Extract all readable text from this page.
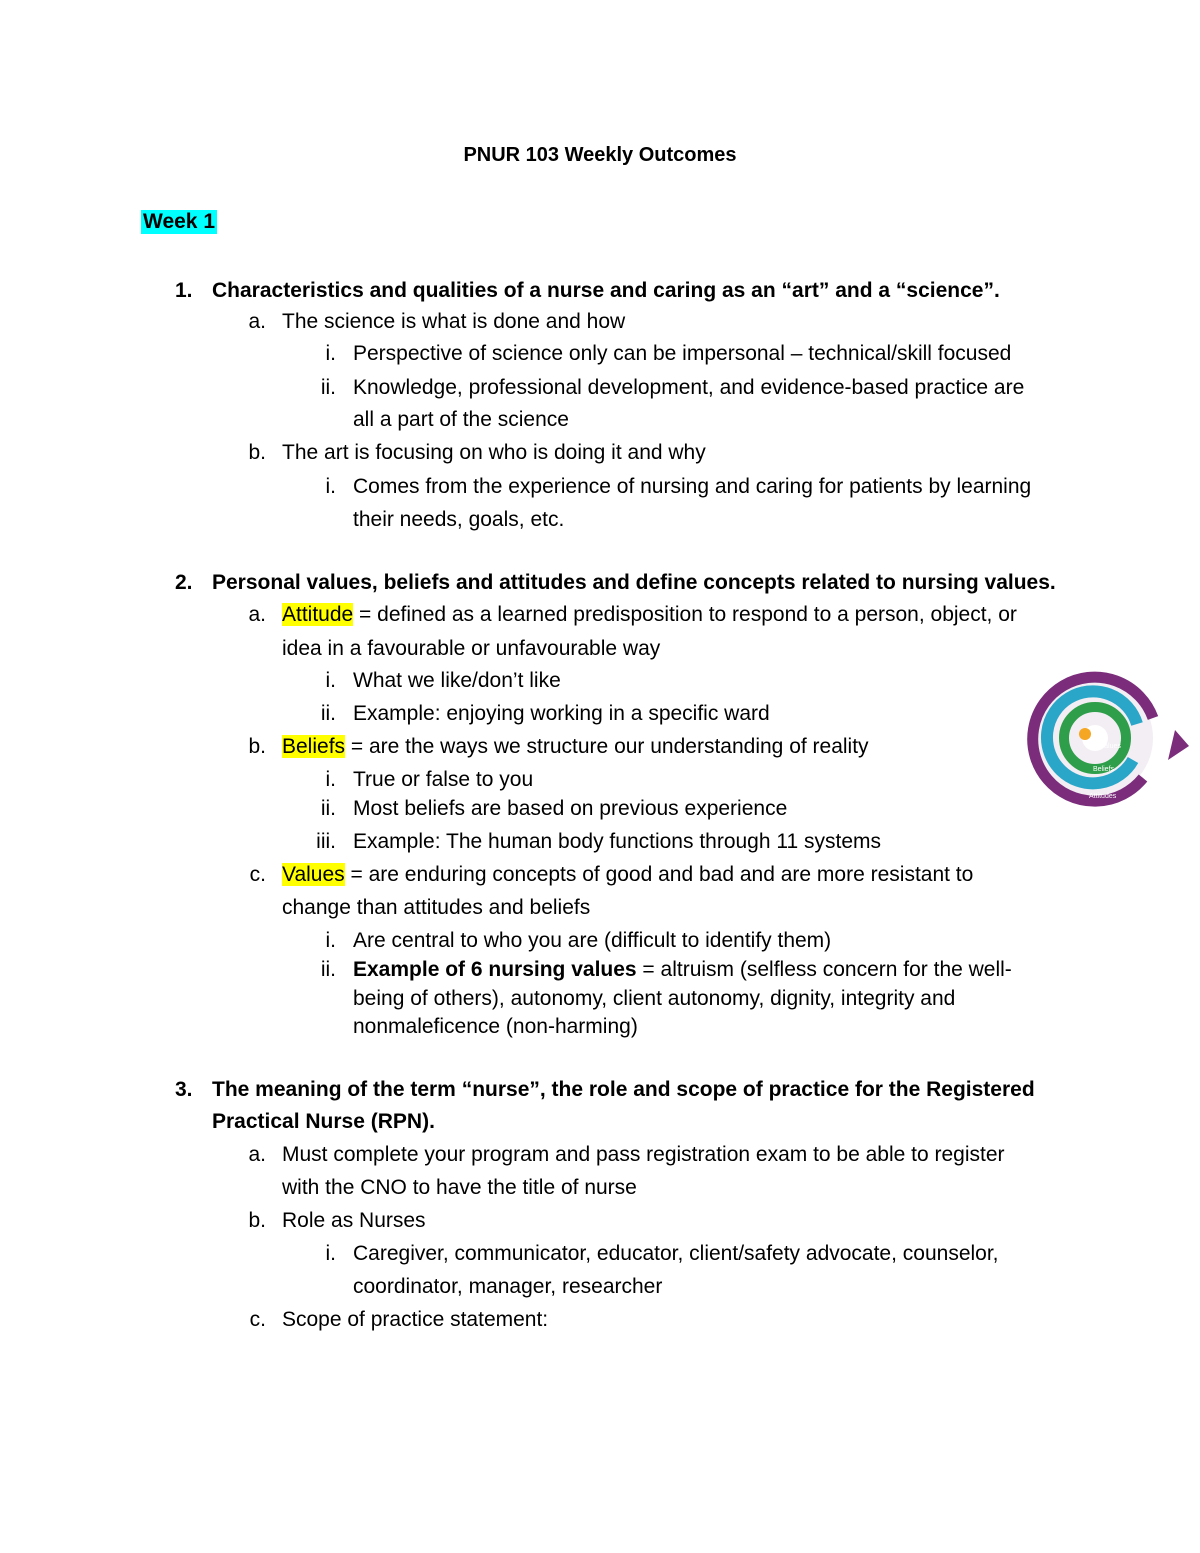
PNUR 103 Weekly Outcomes
Week 1
1. Characteristics and qualities of a nurse and caring as an “art” and a “science”.
a. The science is what is done and how
i. Perspective of science only can be impersonal – technical/skill focused
ii. Knowledge, professional development, and evidence-based practice are
all a part of the science
b. The art is focusing on who is doing it and why
i. Comes from the experience of nursing and caring for patients by learning
their needs, goals, etc.
2. Personal values, beliefs and attitudes and define concepts related to nursing values.
a. Attitude = defined as a learned predisposition to respond to a person, object, or
idea in a favourable or unfavourable way
i. What we like/don’t like
ii. Example: enjoying working in a specific ward
b. Beliefs = are the ways we structure our understanding of reality
i. True or false to you
ii. Most beliefs are based on previous experience
iii. Example: The human body functions through 11 systems
c. Values = are enduring concepts of good and bad and are more resistant to
change than attitudes and beliefs
i. Are central to who you are (difficult to identify them)
ii. Example of 6 nursing values = altruism (selfless concern for the well-
being of others), autonomy, client autonomy, dignity, integrity and
nonmaleficence (non-harming)
3. The meaning of the term “nurse”, the role and scope of practice for the Registered
Practical Nurse (RPN).
a. Must complete your program and pass registration exam to be able to register
with the CNO to have the title of nurse
b. Role as Nurses
i. Caregiver, communicator, educator, client/safety advocate, counselor,
coordinator, manager, researcher
c. Scope of practice statement:
Values
Beliefs
Attitudes
